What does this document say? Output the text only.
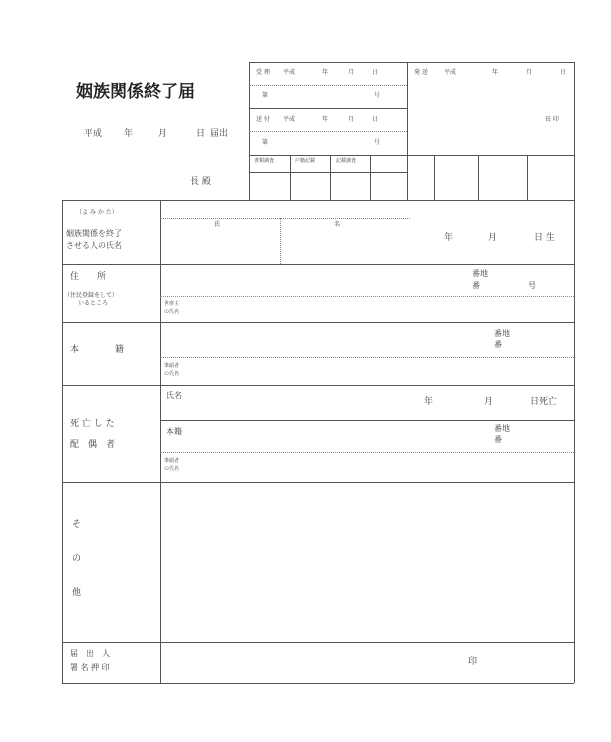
姻族関係終了届
平成 年	月	日 届出
長 殿
受 理 平成	年	月	日
第	号
送 付 平成	年	月	日
第	号
発 送	平成	年	月	日
長 印
書類調査	戸籍記載	記載調査
（よ み か た）
姻族関係を終了
させる人の氏名
氏	名
年	月	日 生
住　　所
（住民登録をして）
いるところ
番地
番	号
世帯主
の氏名
本　　籍
番地
番
筆頭者
の氏名
死 亡 し た
配　偶　者
氏名
年	月	日死亡
本籍	番地
番
筆頭者
の氏名
そ
の
他
届　出　人
署 名 押 印
印
